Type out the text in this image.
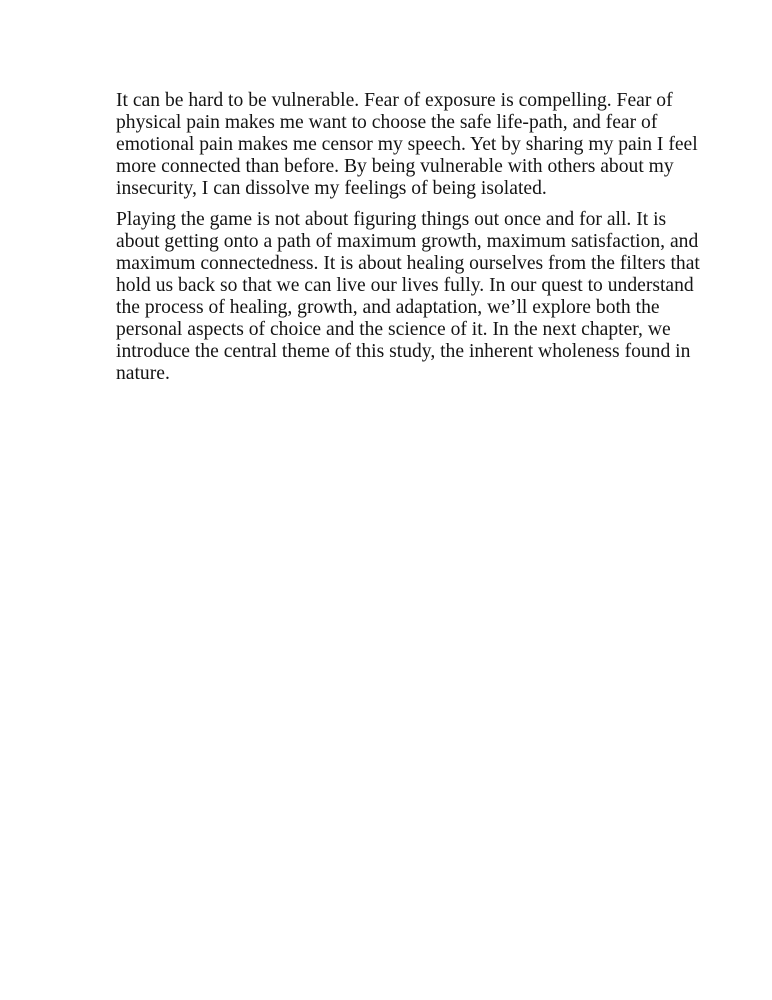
It can be hard to be vulnerable. Fear of exposure is compelling. Fear of
physical pain makes me want to choose the safe life-path, and fear of
emotional pain makes me censor my speech. Yet by sharing my pain I feel
more connected than before. By being vulnerable with others about my
insecurity, I can dissolve my feelings of being isolated.

Playing the game is not about figuring things out once and for all. It is
about getting onto a path of maximum growth, maximum satisfaction, and
maximum connectedness. It is about healing ourselves from the filters that
hold us back so that we can live our lives fully. In our quest to understand
the process of healing, growth, and adaptation, we’ll explore both the
personal aspects of choice and the science of it. In the next chapter, we
introduce the central theme of this study, the inherent wholeness found in
nature.
